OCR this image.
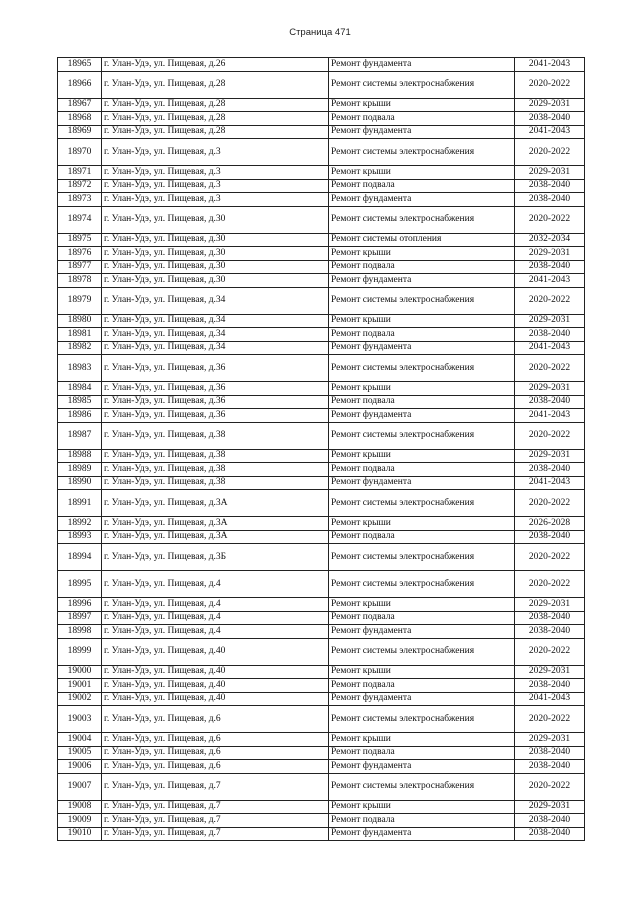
Страница 471
18965	г. Улан-Удэ, ул. Пищевая, д.26	Ремонт фундамента	2041-2043
18966	г. Улан-Удэ, ул. Пищевая, д.28	Ремонт системы электроснабжения	2020-2022
18967	г. Улан-Удэ, ул. Пищевая, д.28	Ремонт крыши	2029-2031
18968	г. Улан-Удэ, ул. Пищевая, д.28	Ремонт подвала	2038-2040
18969	г. Улан-Удэ, ул. Пищевая, д.28	Ремонт фундамента	2041-2043
18970	г. Улан-Удэ, ул. Пищевая, д.3	Ремонт системы электроснабжения	2020-2022
18971	г. Улан-Удэ, ул. Пищевая, д.3	Ремонт крыши	2029-2031
18972	г. Улан-Удэ, ул. Пищевая, д.3	Ремонт подвала	2038-2040
18973	г. Улан-Удэ, ул. Пищевая, д.3	Ремонт фундамента	2038-2040
18974	г. Улан-Удэ, ул. Пищевая, д.30	Ремонт системы электроснабжения	2020-2022
18975	г. Улан-Удэ, ул. Пищевая, д.30	Ремонт системы отопления	2032-2034
18976	г. Улан-Удэ, ул. Пищевая, д.30	Ремонт крыши	2029-2031
18977	г. Улан-Удэ, ул. Пищевая, д.30	Ремонт подвала	2038-2040
18978	г. Улан-Удэ, ул. Пищевая, д.30	Ремонт фундамента	2041-2043
18979	г. Улан-Удэ, ул. Пищевая, д.34	Ремонт системы электроснабжения	2020-2022
18980	г. Улан-Удэ, ул. Пищевая, д.34	Ремонт крыши	2029-2031
18981	г. Улан-Удэ, ул. Пищевая, д.34	Ремонт подвала	2038-2040
18982	г. Улан-Удэ, ул. Пищевая, д.34	Ремонт фундамента	2041-2043
18983	г. Улан-Удэ, ул. Пищевая, д.36	Ремонт системы электроснабжения	2020-2022
18984	г. Улан-Удэ, ул. Пищевая, д.36	Ремонт крыши	2029-2031
18985	г. Улан-Удэ, ул. Пищевая, д.36	Ремонт подвала	2038-2040
18986	г. Улан-Удэ, ул. Пищевая, д.36	Ремонт фундамента	2041-2043
18987	г. Улан-Удэ, ул. Пищевая, д.38	Ремонт системы электроснабжения	2020-2022
18988	г. Улан-Удэ, ул. Пищевая, д.38	Ремонт крыши	2029-2031
18989	г. Улан-Удэ, ул. Пищевая, д.38	Ремонт подвала	2038-2040
18990	г. Улан-Удэ, ул. Пищевая, д.38	Ремонт фундамента	2041-2043
18991	г. Улан-Удэ, ул. Пищевая, д.3А	Ремонт системы электроснабжения	2020-2022
18992	г. Улан-Удэ, ул. Пищевая, д.3А	Ремонт крыши	2026-2028
18993	г. Улан-Удэ, ул. Пищевая, д.3А	Ремонт подвала	2038-2040
18994	г. Улан-Удэ, ул. Пищевая, д.3Б	Ремонт системы электроснабжения	2020-2022
18995	г. Улан-Удэ, ул. Пищевая, д.4	Ремонт системы электроснабжения	2020-2022
18996	г. Улан-Удэ, ул. Пищевая, д.4	Ремонт крыши	2029-2031
18997	г. Улан-Удэ, ул. Пищевая, д.4	Ремонт подвала	2038-2040
18998	г. Улан-Удэ, ул. Пищевая, д.4	Ремонт фундамента	2038-2040
18999	г. Улан-Удэ, ул. Пищевая, д.40	Ремонт системы электроснабжения	2020-2022
19000	г. Улан-Удэ, ул. Пищевая, д.40	Ремонт крыши	2029-2031
19001	г. Улан-Удэ, ул. Пищевая, д.40	Ремонт подвала	2038-2040
19002	г. Улан-Удэ, ул. Пищевая, д.40	Ремонт фундамента	2041-2043
19003	г. Улан-Удэ, ул. Пищевая, д.6	Ремонт системы электроснабжения	2020-2022
19004	г. Улан-Удэ, ул. Пищевая, д.6	Ремонт крыши	2029-2031
19005	г. Улан-Удэ, ул. Пищевая, д.6	Ремонт подвала	2038-2040
19006	г. Улан-Удэ, ул. Пищевая, д.6	Ремонт фундамента	2038-2040
19007	г. Улан-Удэ, ул. Пищевая, д.7	Ремонт системы электроснабжения	2020-2022
19008	г. Улан-Удэ, ул. Пищевая, д.7	Ремонт крыши	2029-2031
19009	г. Улан-Удэ, ул. Пищевая, д.7	Ремонт подвала	2038-2040
19010	г. Улан-Удэ, ул. Пищевая, д.7	Ремонт фундамента	2038-2040
